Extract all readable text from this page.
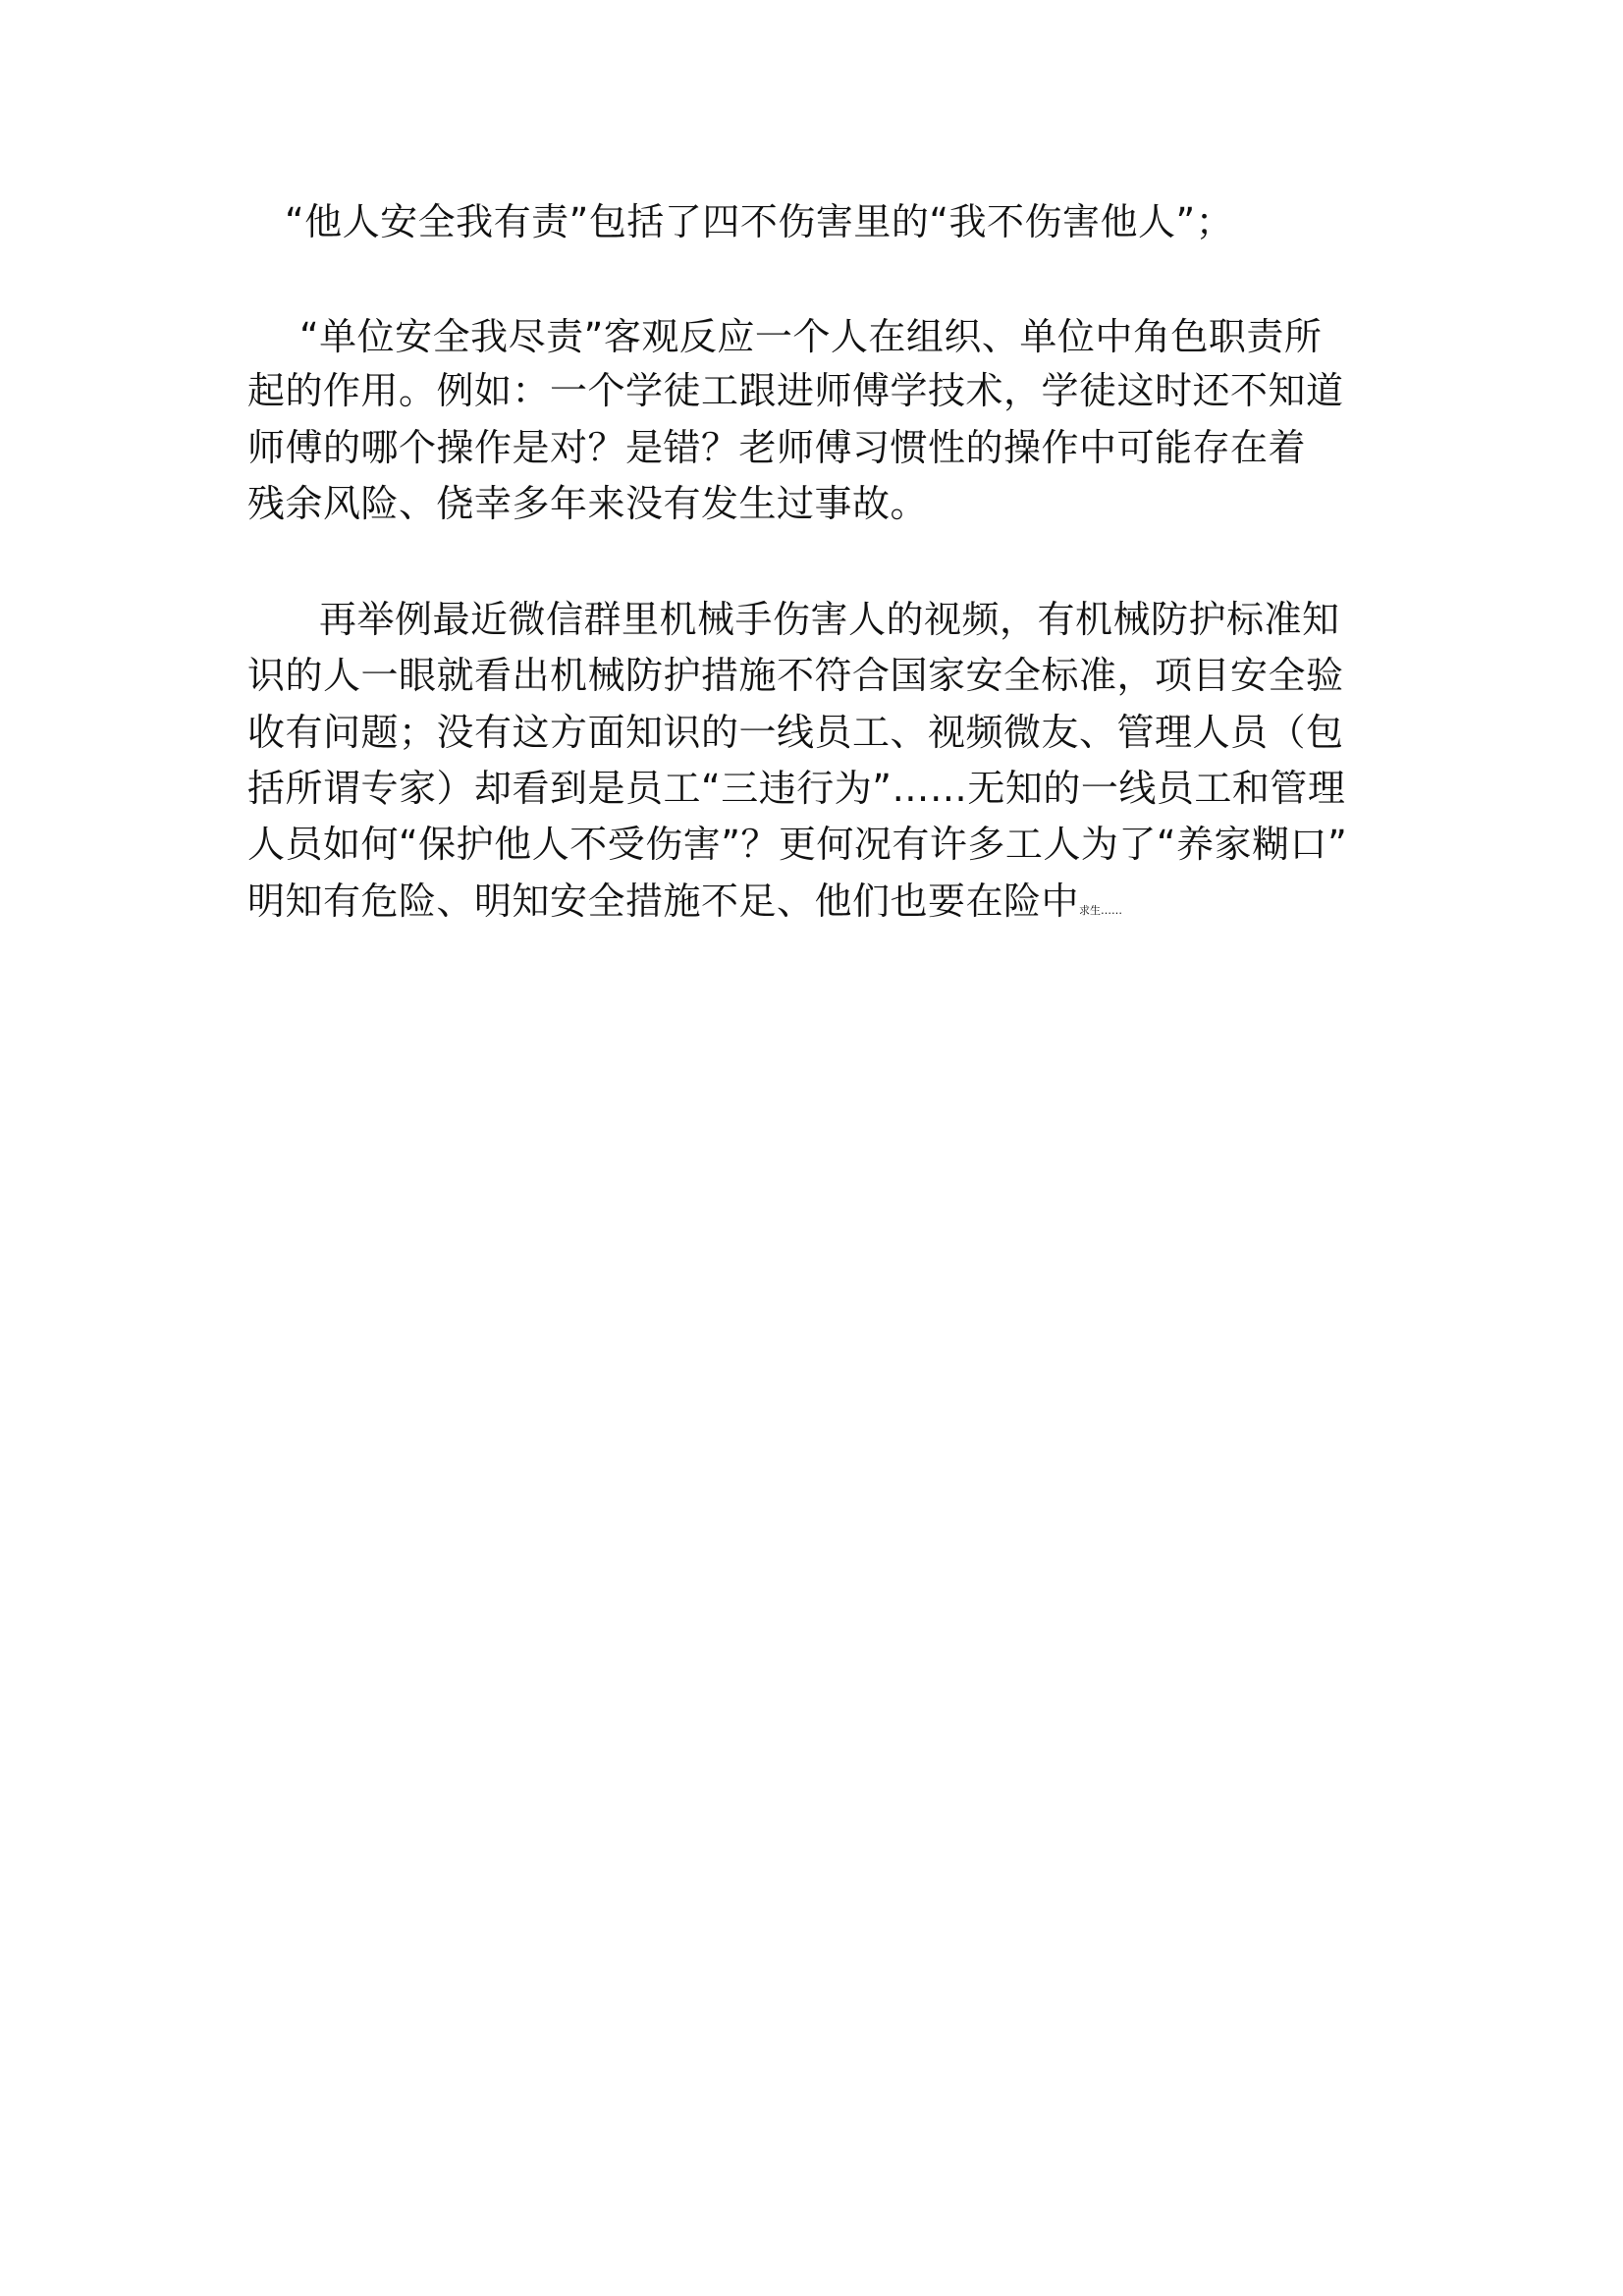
“他人安全我有责”包括了四不伤害里的“我不伤害他人”；
“单位安全我尽责”客观反应一个人在组织、单位中角色职责所
起的作用。例如：一个学徒工跟进师傅学技术，学徒这时还不知道
师傅的哪个操作是对？是错？老师傅习惯性的操作中可能存在着
残余风险、侥幸多年来没有发生过事故。
再举例最近微信群里机械手伤害人的视频，有机械防护标准知
识的人一眼就看出机械防护措施不符合国家安全标准，项目安全验
收有问题；没有这方面知识的一线员工、视频微友、管理人员（包
括所谓专家）却看到是员工“三违行为”……无知的一线员工和管理
人员如何“保护他人不受伤害”？更何况有许多工人为了“养家糊口”
明知有危险、明知安全措施不足、他们也要在险中求生……
